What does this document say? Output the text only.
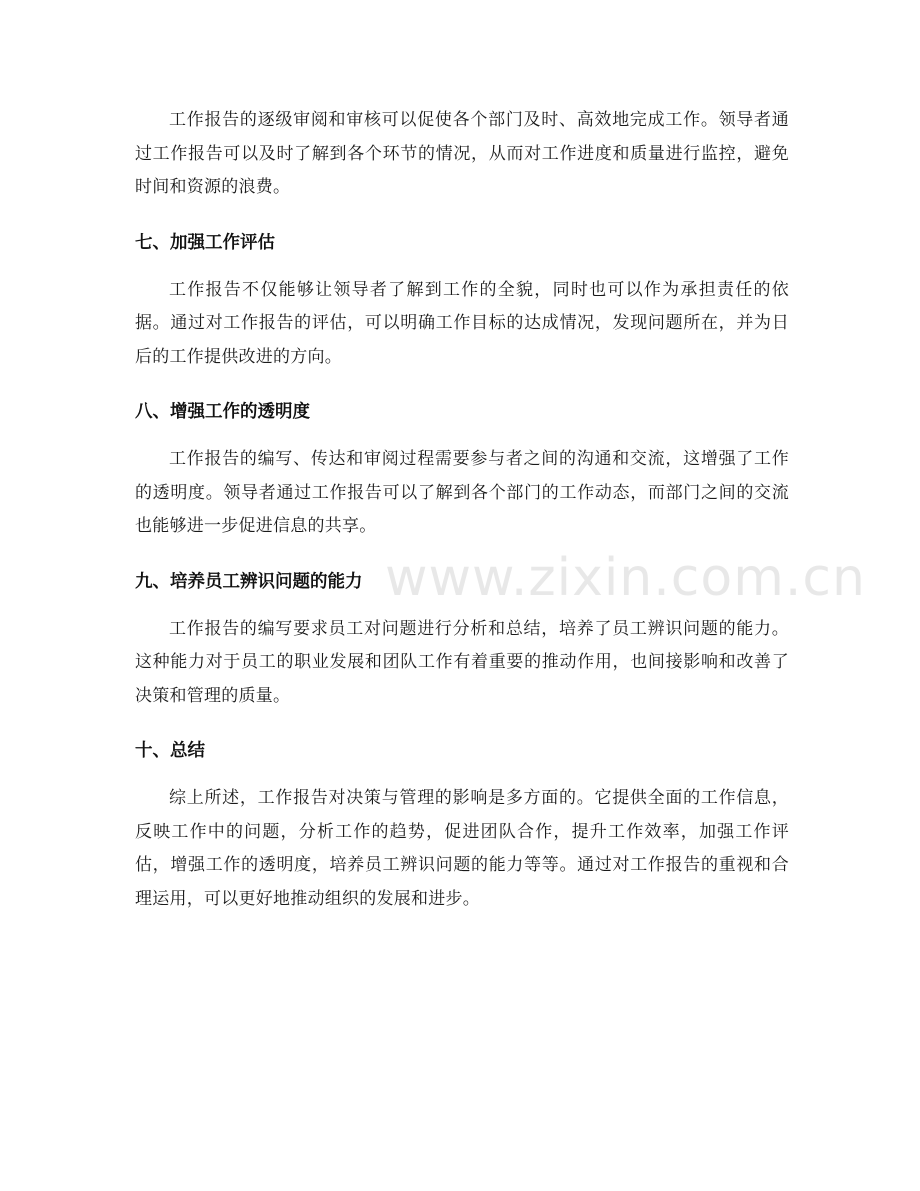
工作报告的逐级审阅和审核可以促使各个部门及时、高效地完成工作。领导者通过工作报告可以及时了解到各个环节的情况，从而对工作进度和质量进行监控，避免时间和资源的浪费。

七、加强工作评估

工作报告不仅能够让领导者了解到工作的全貌，同时也可以作为承担责任的依据。通过对工作报告的评估，可以明确工作目标的达成情况，发现问题所在，并为日后的工作提供改进的方向。

八、增强工作的透明度

工作报告的编写、传达和审阅过程需要参与者之间的沟通和交流，这增强了工作的透明度。领导者通过工作报告可以了解到各个部门的工作动态，而部门之间的交流也能够进一步促进信息的共享。

九、培养员工辨识问题的能力

工作报告的编写要求员工对问题进行分析和总结，培养了员工辨识问题的能力。这种能力对于员工的职业发展和团队工作有着重要的推动作用，也间接影响和改善了决策和管理的质量。

十、总结

综上所述，工作报告对决策与管理的影响是多方面的。它提供全面的工作信息，反映工作中的问题，分析工作的趋势，促进团队合作，提升工作效率，加强工作评估，增强工作的透明度，培养员工辨识问题的能力等等。通过对工作报告的重视和合理运用，可以更好地推动组织的发展和进步。

www.zixin.com.cn
